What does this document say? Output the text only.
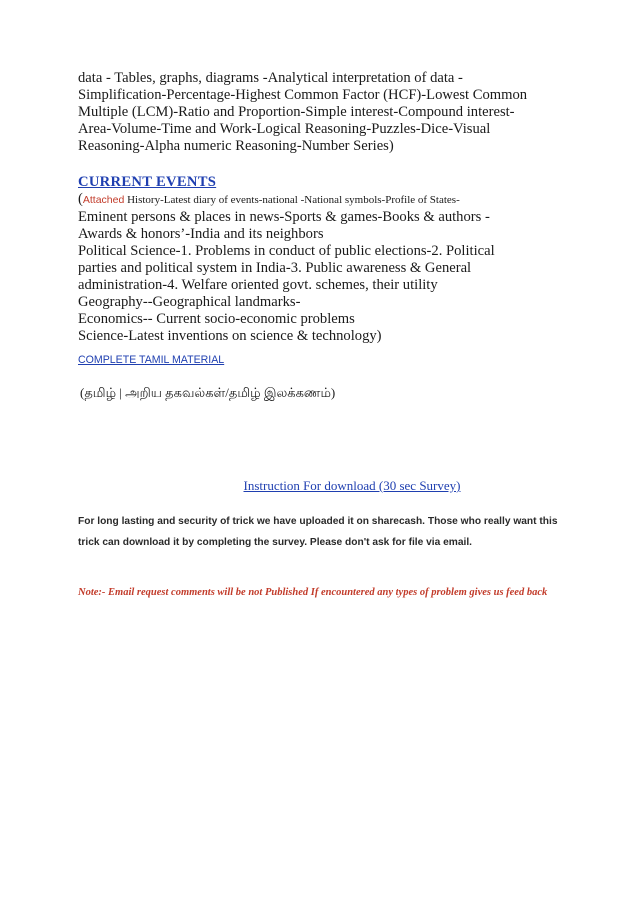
data - Tables, graphs, diagrams -Analytical interpretation of data -
Simplification-Percentage-Highest Common Factor (HCF)-Lowest Common
Multiple (LCM)-Ratio and Proportion-Simple interest-Compound interest-
Area-Volume-Time and Work-Logical Reasoning-Puzzles-Dice-Visual
Reasoning-Alpha numeric Reasoning-Number Series)
CURRENT EVENTS
(Attached History-Latest diary of events-national -National symbols-Profile of States-
Eminent persons & places in news-Sports & games-Books & authors -
Awards & honors’-India and its neighbors
Political Science-1. Problems in conduct of public elections-2. Political
parties and political system in India-3. Public awareness & General
administration-4. Welfare oriented govt. schemes, their utility
Geography--Geographical landmarks-
Economics-- Current socio-economic problems
Science-Latest inventions on science & technology)
COMPLETE TAMIL MATERIAL
(தமிழ் | அறிய தகவல்கள்/தமிழ் இலக்கணம்)
Instruction For download (30 sec Survey)
For long lasting and security of trick we have uploaded it on sharecash. Those who really want this trick can download it by completing the survey. Please don't ask for file via email.
Note:- Email request comments will be not Published If encountered any types of problem gives us feed back
